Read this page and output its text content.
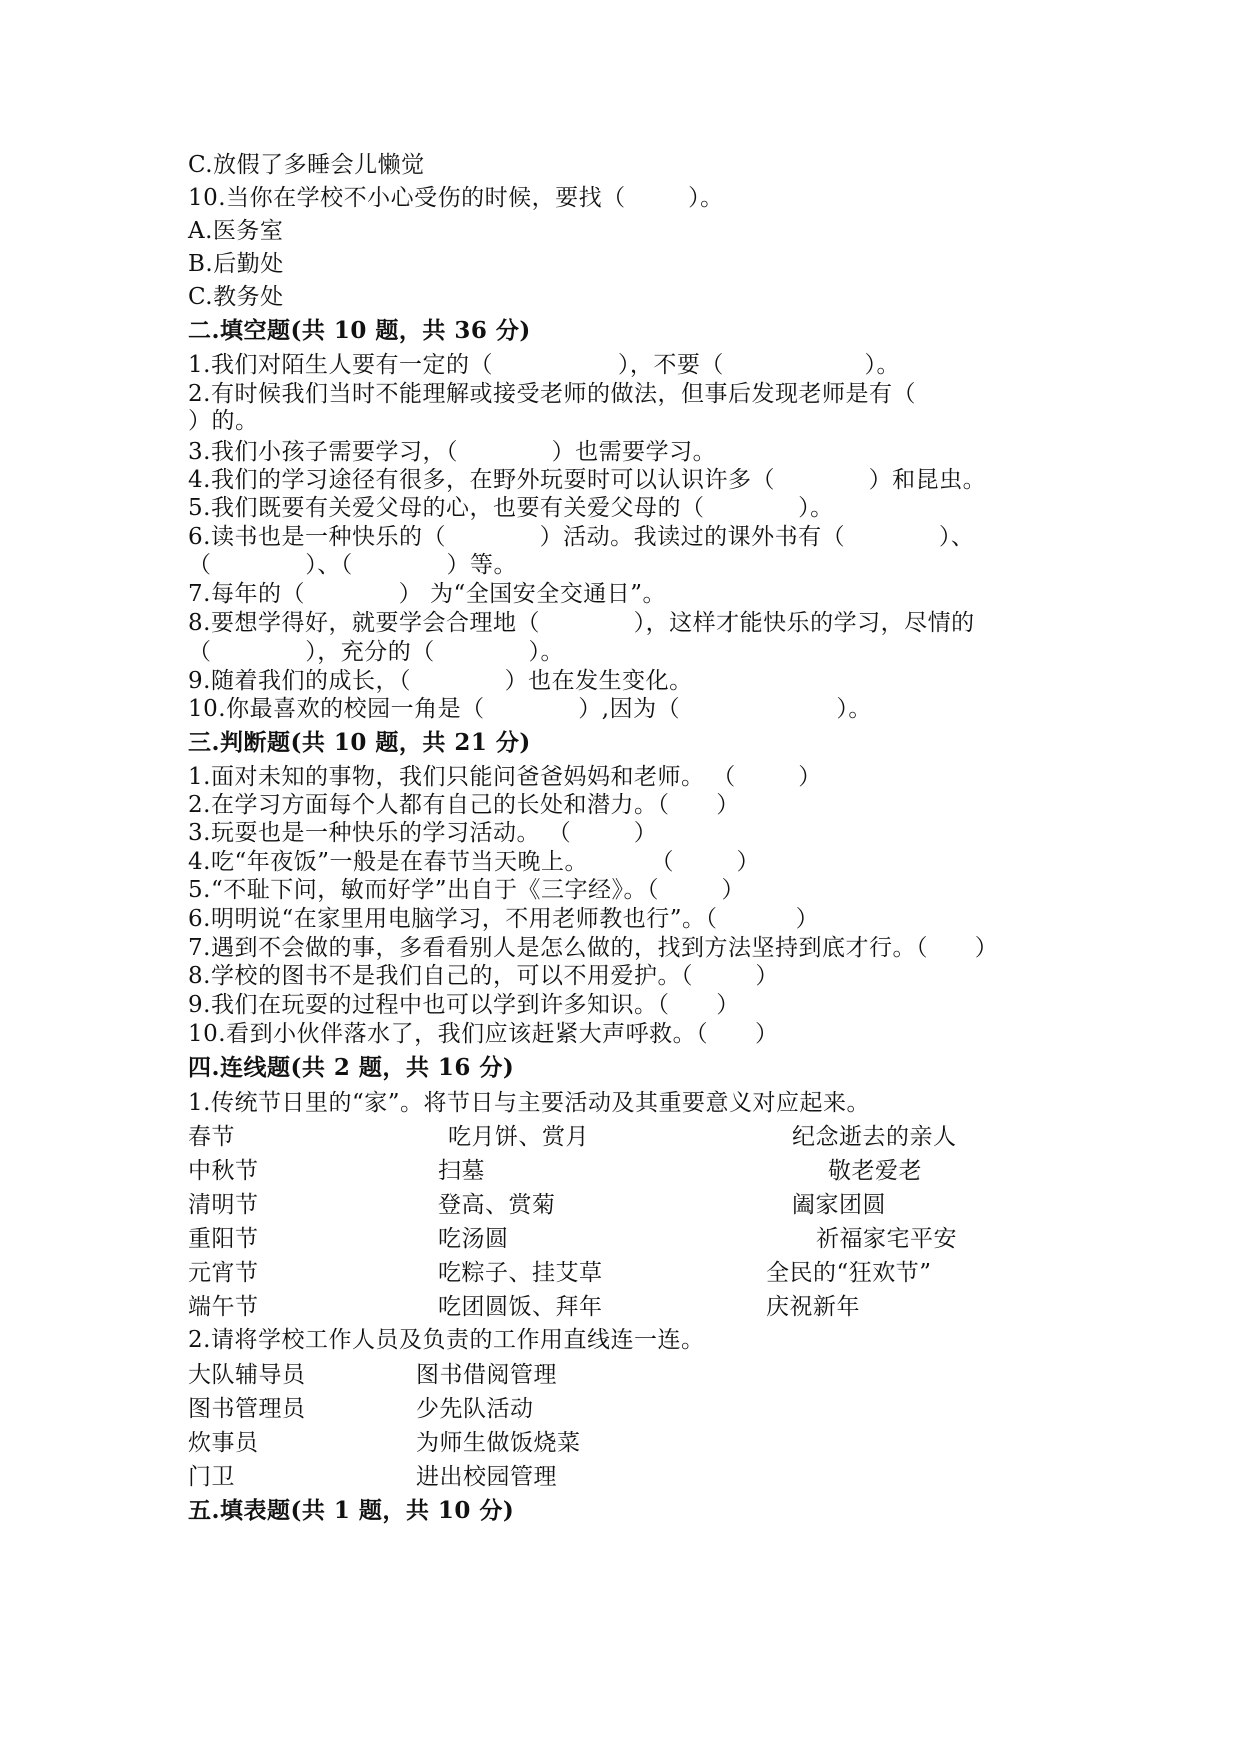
C.放假了多睡会儿懒觉
10.当你在学校不小心受伤的时候，要找（        ）。
A.医务室
B.后勤处
C.教务处
二.填空题(共 10 题，共 36 分)
1.我们对陌生人要有一定的（                ），不要（                  ）。
2.有时候我们当时不能理解或接受老师的做法，但事后发现老师是有（
）的。
3.我们小孩子需要学习，（            ）也需要学习。
4.我们的学习途径有很多，在野外玩耍时可以认识许多（            ）和昆虫。
5.我们既要有关爱父母的心，也要有关爱父母的（            ）。
6.读书也是一种快乐的（            ）活动。我读过的课外书有（            ）、
（            ）、（            ）等。
7.每年的（            ） 为“全国安全交通日”。
8.要想学得好，就要学会合理地（            ），这样才能快乐的学习，尽情的
（            ），充分的（            ）。
9.随着我们的成长，（            ）也在发生变化。
10.你最喜欢的校园一角是（            ）,因为（                    ）。
三.判断题(共 10 题，共 21 分)
1.面对未知的事物，我们只能问爸爸妈妈和老师。 （        ）
2.在学习方面每个人都有自己的长处和潜力。（      ）
3.玩耍也是一种快乐的学习活动。 （        ）
4.吃“年夜饭”一般是在春节当天晚上。        （        ）
5.“不耻下问，敏而好学”出自于《三字经》。（        ）
6.明明说“在家里用电脑学习，不用老师教也行”。（          ）
7.遇到不会做的事，多看看别人是怎么做的，找到方法坚持到底才行。（      ）
8.学校的图书不是我们自己的，可以不用爱护。（        ）
9.我们在玩耍的过程中也可以学到许多知识。（      ）
10.看到小伙伴落水了，我们应该赶紧大声呼救。（      ）
四.连线题(共 2 题，共 16 分)
1.传统节日里的“家”。将节日与主要活动及其重要意义对应起来。
春节	吃月饼、赏月	纪念逝去的亲人
中秋节	扫墓	敬老爱老
清明节	登高、赏菊	阖家团圆
重阳节	吃汤圆	祈福家宅平安
元宵节	吃粽子、挂艾草	全民的“狂欢节”
端午节	吃团圆饭、拜年	庆祝新年
2.请将学校工作人员及负责的工作用直线连一连。
大队辅导员	图书借阅管理
图书管理员	少先队活动
炊事员	为师生做饭烧菜
门卫	进出校园管理
五.填表题(共 1 题，共 10 分)
